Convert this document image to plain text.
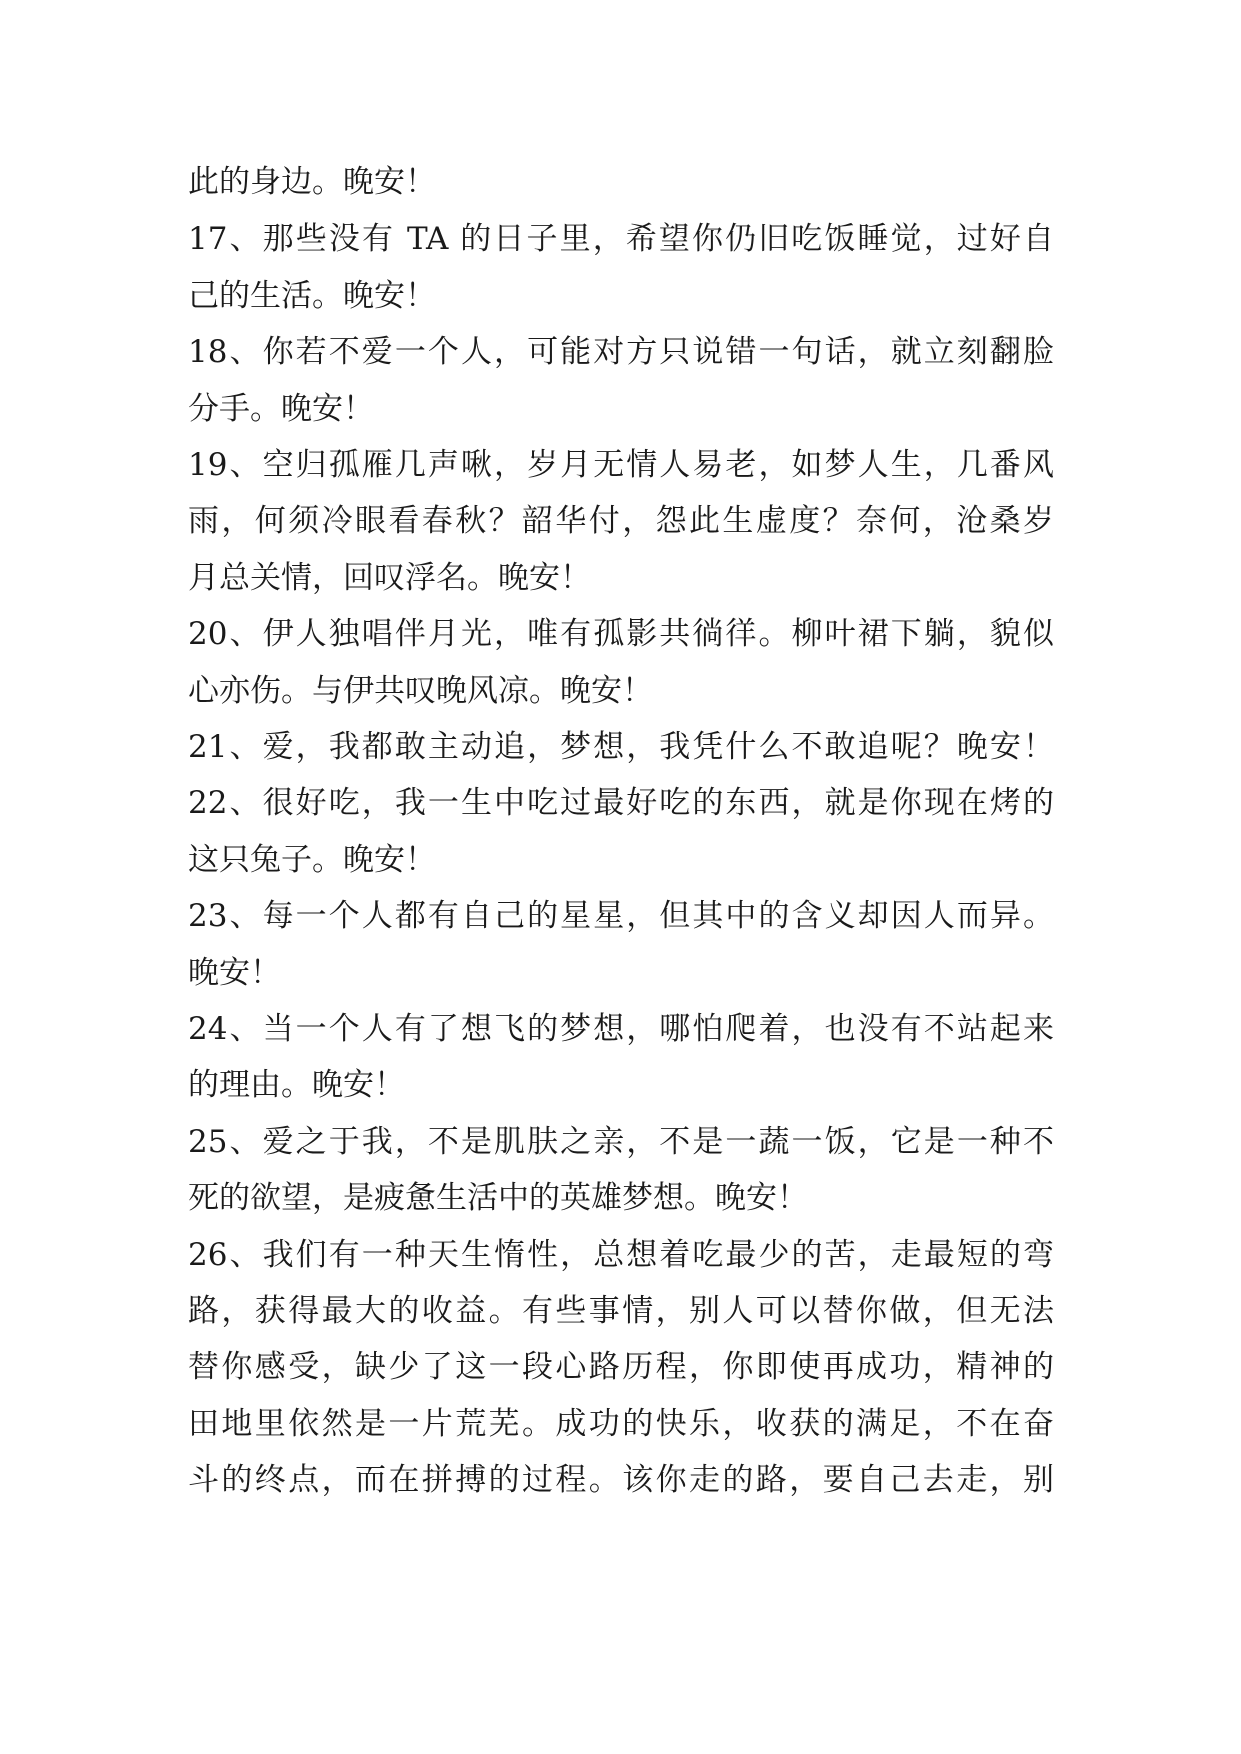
此的身边。晚安！

17、那些没有 TA 的日子里，希望你仍旧吃饭睡觉，过好自

己的生活。晚安！

18、你若不爱一个人，可能对方只说错一句话，就立刻翻脸

分手。晚安！

19、空归孤雁几声啾，岁月无情人易老，如梦人生，几番风

雨，何须冷眼看春秋？韶华付，怨此生虚度？奈何，沧桑岁

月总关情，回叹浮名。晚安！

20、伊人独唱伴月光，唯有孤影共徜徉。柳叶裙下躺，貌似

心亦伤。与伊共叹晚风凉。晚安！

21、爱，我都敢主动追，梦想，我凭什么不敢追呢？晚安！

22、很好吃，我一生中吃过最好吃的东西，就是你现在烤的

这只兔子。晚安！

23、每一个人都有自己的星星，但其中的含义却因人而异。

晚安！

24、当一个人有了想飞的梦想，哪怕爬着，也没有不站起来

的理由。晚安！

25、爱之于我，不是肌肤之亲，不是一蔬一饭，它是一种不

死的欲望，是疲惫生活中的英雄梦想。晚安！

26、我们有一种天生惰性，总想着吃最少的苦，走最短的弯

路，获得最大的收益。有些事情，别人可以替你做，但无法

替你感受，缺少了这一段心路历程，你即使再成功，精神的

田地里依然是一片荒芜。成功的快乐，收获的满足，不在奋

斗的终点，而在拼搏的过程。该你走的路，要自己去走，别
